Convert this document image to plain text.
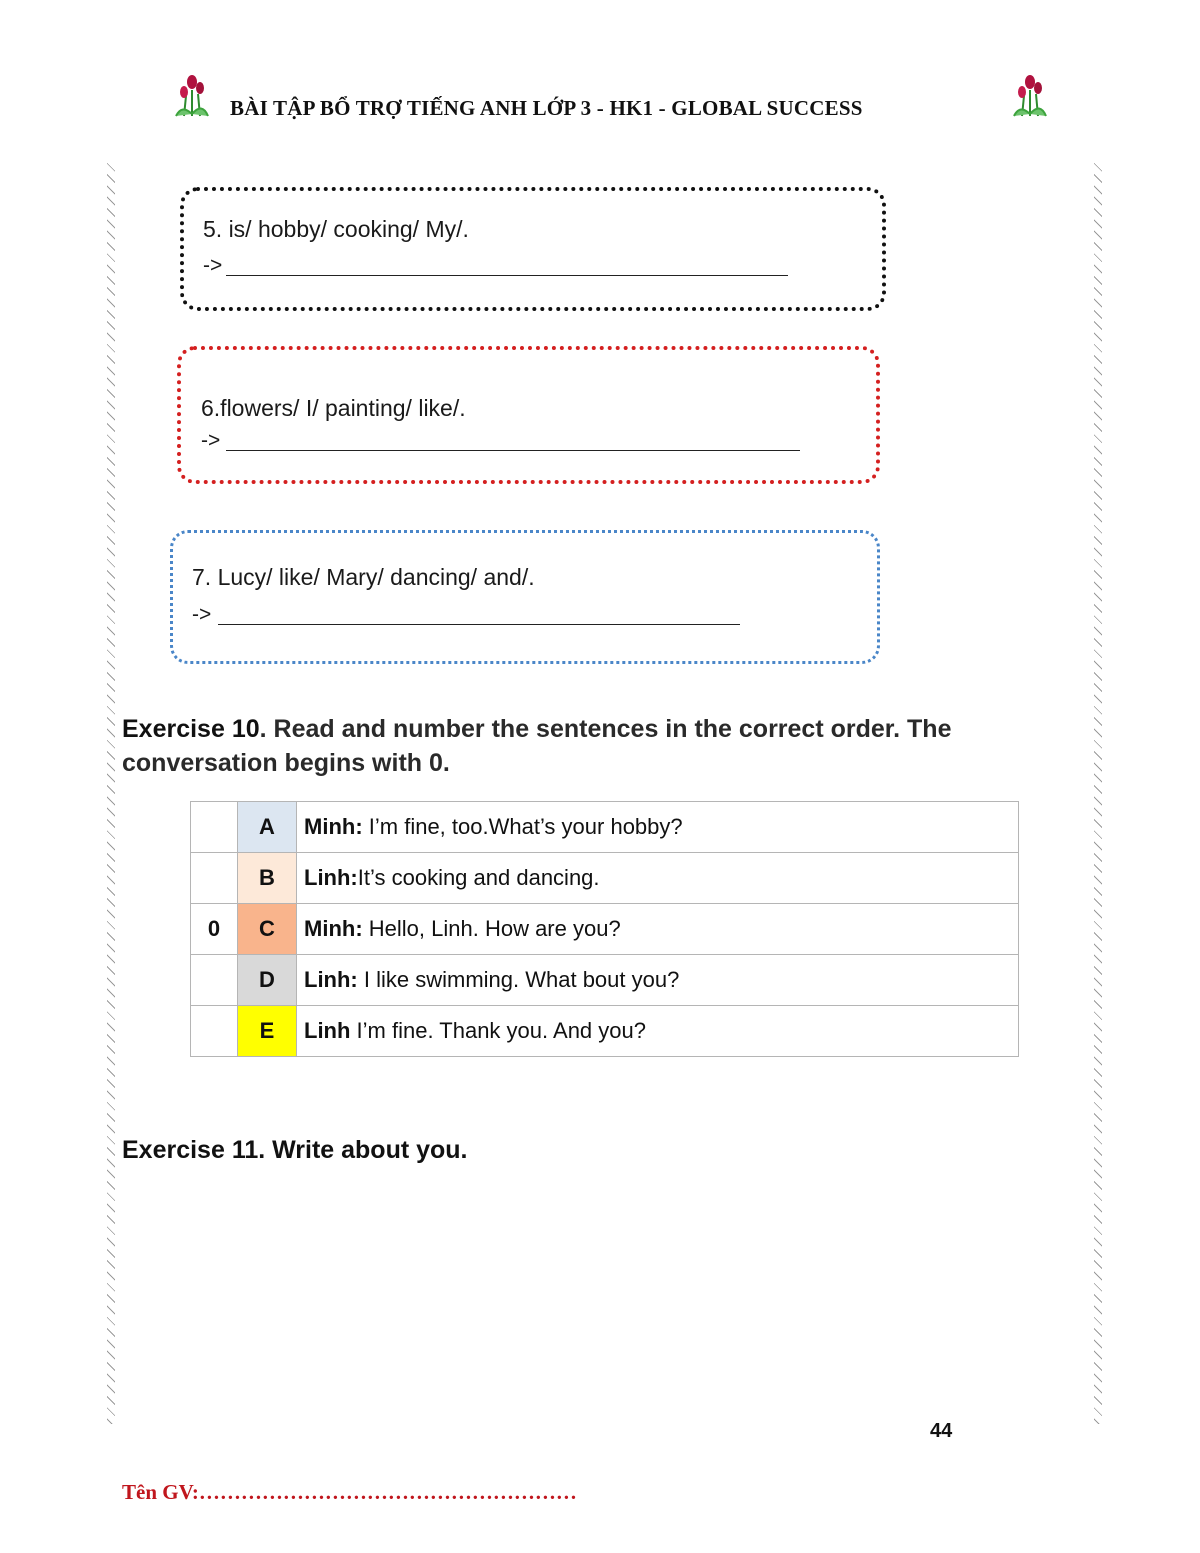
BÀI TẬP BỔ TRỢ TIẾNG ANH LỚP 3 - HK1 - GLOBAL SUCCESS
5. is/ hobby/ cooking/ My/.
->
6.flowers/ I/ painting/ like/.
->
7. Lucy/ like/ Mary/ dancing/ and/.
->
Exercise 10. Read and number the sentences in the correct order. The conversation begins with 0.
	A	Minh: I’m fine, too.What’s your hobby?
	B	Linh:It’s cooking and dancing.
0	C	Minh: Hello, Linh. How are you?
	D	Linh: I like swimming. What bout you?
	E	Linh I’m fine. Thank you. And you?
Exercise 11. Write about you.
44
Tên GV:………………………………………………
